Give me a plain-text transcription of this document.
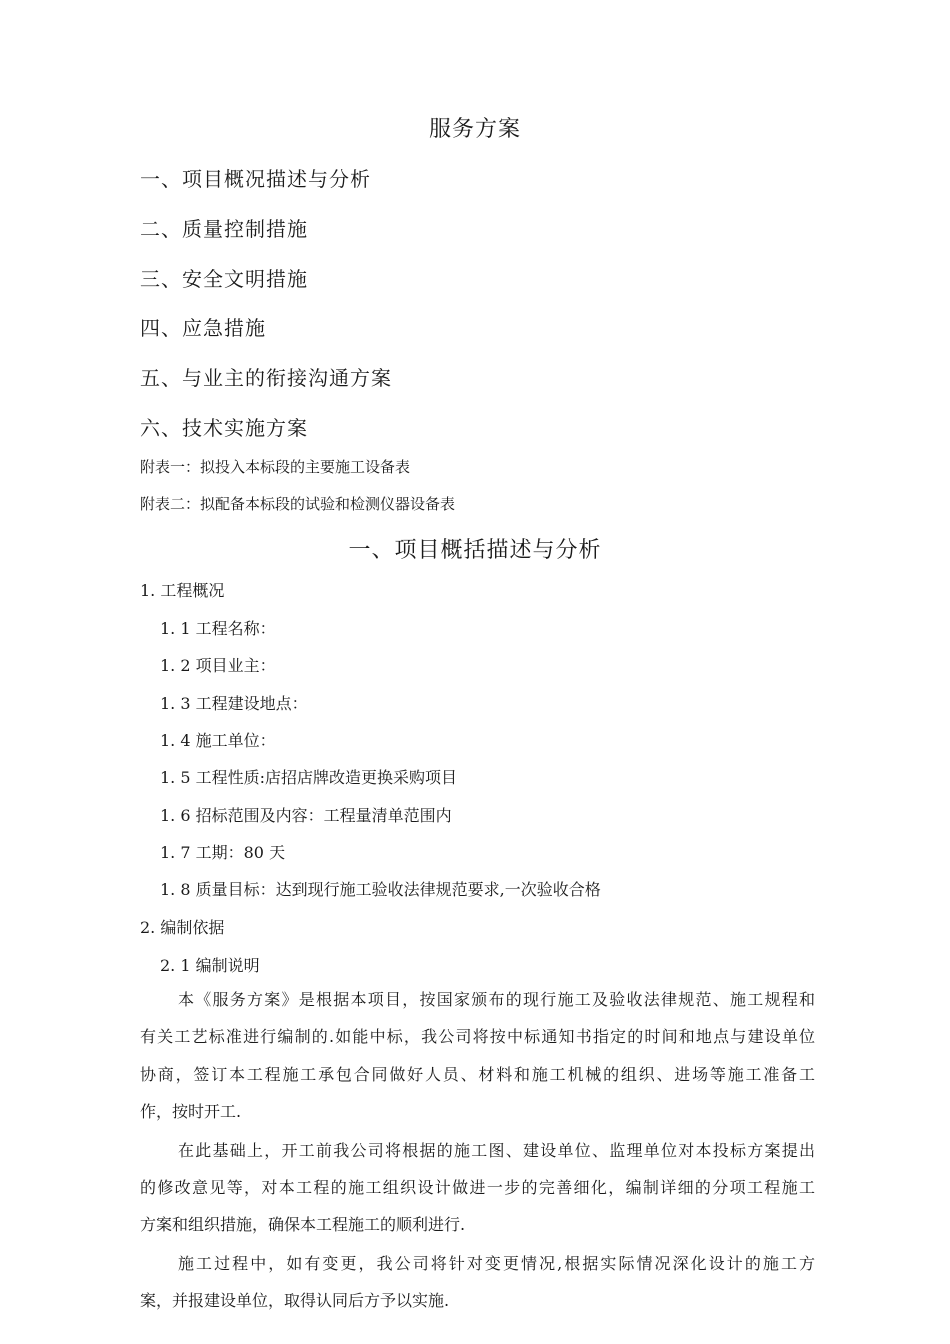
服务方案
一、项目概况描述与分析
二、质量控制措施
三、安全文明措施
四、应急措施
五、与业主的衔接沟通方案
六、技术实施方案
附表一：拟投入本标段的主要施工设备表
附表二：拟配备本标段的试验和检测仪器设备表
一、项目概括描述与分析
1. 工程概况
1. 1 工程名称：
1. 2 项目业主：
1. 3 工程建设地点：
1. 4 施工单位：
1. 5 工程性质:店招店牌改造更换采购项目
1. 6 招标范围及内容：工程量清单范围内
1. 7 工期：80 天
1. 8 质量目标：达到现行施工验收法律规范要求,一次验收合格
2. 编制依据
2. 1 编制说明
本《服务方案》是根据本项目，按国家颁布的现行施工及验收法律规范、施工规程和
有关工艺标准进行编制的.如能中标，我公司将按中标通知书指定的时间和地点与建设单位
协商，签订本工程施工承包合同做好人员、材料和施工机械的组织、进场等施工准备工
作，按时开工.
在此基础上，开工前我公司将根据的施工图、建设单位、监理单位对本投标方案提出
的修改意见等，对本工程的施工组织设计做进一步的完善细化，编制详细的分项工程施工
方案和组织措施，确保本工程施工的顺利进行.
施工过程中，如有变更，我公司将针对变更情况,根据实际情况深化设计的施工方
案，并报建设单位，取得认同后方予以实施.
